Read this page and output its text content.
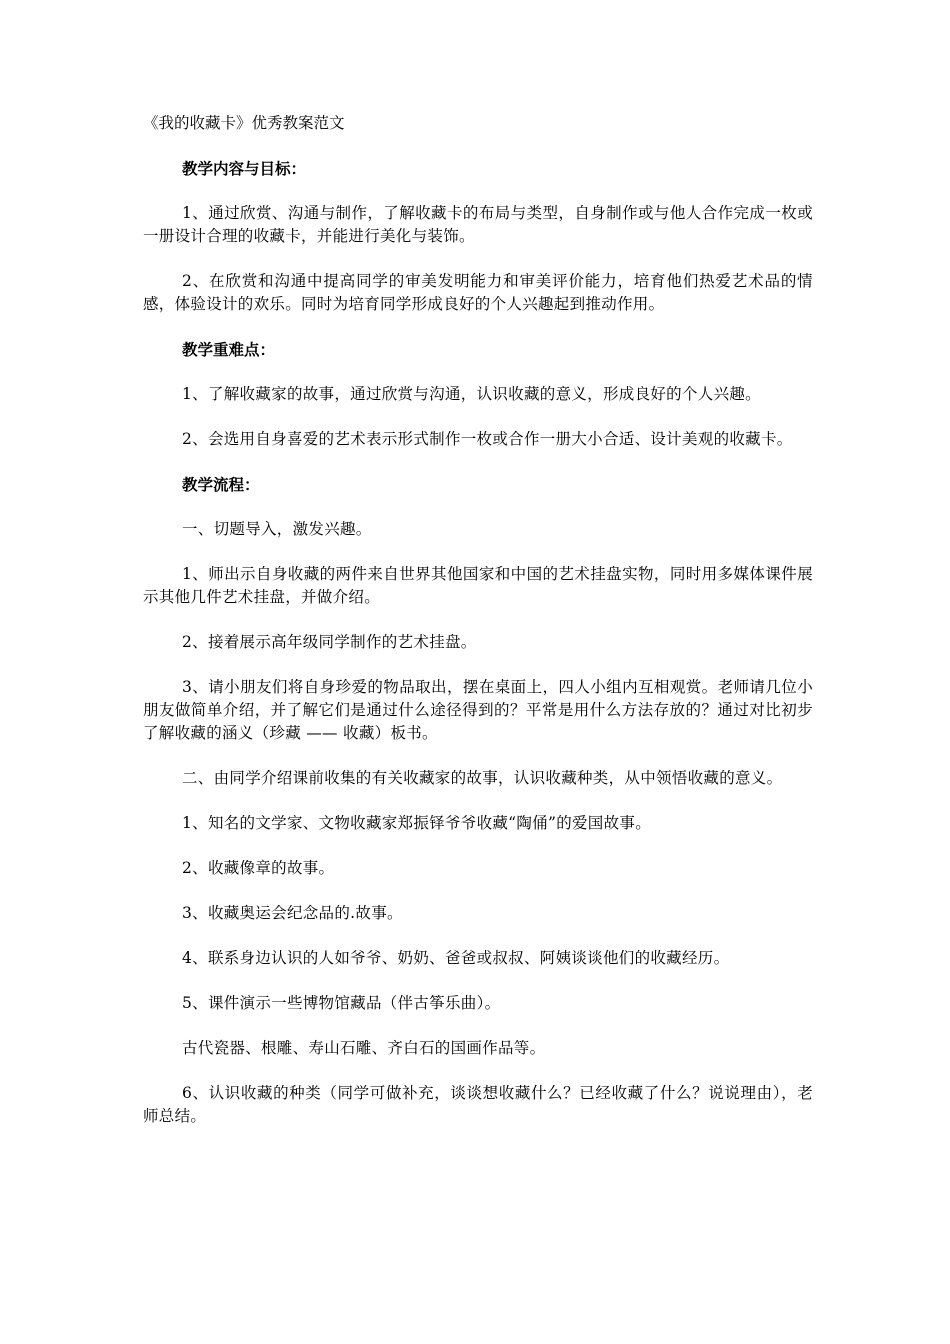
《我的收藏卡》优秀教案范文
教学内容与目标：
1、通过欣赏、沟通与制作，了解收藏卡的布局与类型，自身制作或与他人合作完成一枚或一册设计合理的收藏卡，并能进行美化与装饰。
2、在欣赏和沟通中提高同学的审美发明能力和审美评价能力，培育他们热爱艺术品的情感，体验设计的欢乐。同时为培育同学形成良好的个人兴趣起到推动作用。
教学重难点：
1、了解收藏家的故事，通过欣赏与沟通，认识收藏的意义，形成良好的个人兴趣。
2、会选用自身喜爱的艺术表示形式制作一枚或合作一册大小合适、设计美观的收藏卡。
教学流程：
一、切题导入，激发兴趣。
1、师出示自身收藏的两件来自世界其他国家和中国的艺术挂盘实物，同时用多媒体课件展示其他几件艺术挂盘，并做介绍。
2、接着展示高年级同学制作的艺术挂盘。
3、请小朋友们将自身珍爱的物品取出，摆在桌面上，四人小组内互相观赏。老师请几位小朋友做简单介绍，并了解它们是通过什么途径得到的？平常是用什么方法存放的？通过对比初步了解收藏的涵义（珍藏 —— 收藏）板书。
二、由同学介绍课前收集的有关收藏家的故事，认识收藏种类，从中领悟收藏的意义。
1、知名的文学家、文物收藏家郑振铎爷爷收藏“陶俑”的爱国故事。
2、收藏像章的故事。
3、收藏奥运会纪念品的.故事。
4、联系身边认识的人如爷爷、奶奶、爸爸或叔叔、阿姨谈谈他们的收藏经历。
5、课件演示一些博物馆藏品（伴古筝乐曲）。
古代瓷器、根雕、寿山石雕、齐白石的国画作品等。
6、认识收藏的种类（同学可做补充，谈谈想收藏什么？已经收藏了什么？说说理由），老师总结。
